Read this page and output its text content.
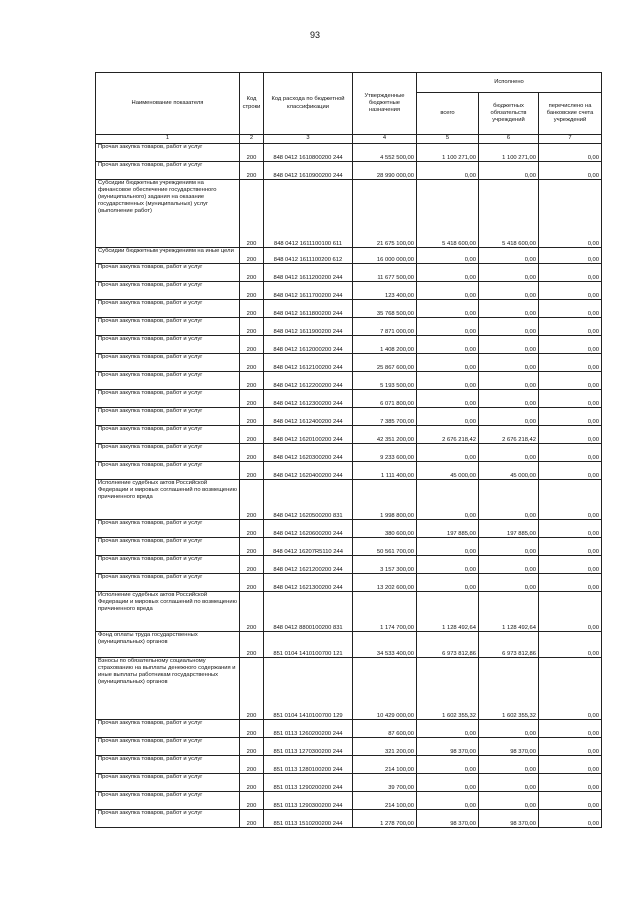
93
Наименование показателя	Код строки	Код расхода по бюджетной классификации	Утвержденные бюджетные назначения	Исполнено		
				всего	бюджетных обязательств учреждений	перечислено на банковские счета учреждений
1	2	3	4	5	6	7

Прочая закупка товаров, работ и услуг	200	848 0412 1610800200 244	4 552 500,00	1 100 271,00	1 100 271,00	0,00

Прочая закупка товаров, работ и услуг	200	848 0412 1610900200 244	28 990 000,00	0,00	0,00	0,00

Субсидии бюджетным учреждениям на финансовое обеспечение государственного (муниципального) задания на оказание государственных (муниципальных) услуг (выполнение работ)	200	848 0412 1611100100 611	21 675 100,00	5 418 600,00	5 418 600,00	0,00

Субсидии бюджетным учреждениям на иные цели	200	848 0412 1611100200 612	16 000 000,00	0,00	0,00	0,00

Прочая закупка товаров, работ и услуг	200	848 0412 1611200200 244	11 677 500,00	0,00	0,00	0,00

Прочая закупка товаров, работ и услуг	200	848 0412 1611700200 244	123 400,00	0,00	0,00	0,00

Прочая закупка товаров, работ и услуг	200	848 0412 1611800200 244	35 768 500,00	0,00	0,00	0,00

Прочая закупка товаров, работ и услуг	200	848 0412 1611900200 244	7 871 000,00	0,00	0,00	0,00

Прочая закупка товаров, работ и услуг	200	848 0412 1612000200 244	1 408 200,00	0,00	0,00	0,00

Прочая закупка товаров, работ и услуг	200	848 0412 1612100200 244	25 867 600,00	0,00	0,00	0,00

Прочая закупка товаров, работ и услуг	200	848 0412 1612200200 244	5 193 500,00	0,00	0,00	0,00

Прочая закупка товаров, работ и услуг	200	848 0412 1612300200 244	6 071 800,00	0,00	0,00	0,00

Прочая закупка товаров, работ и услуг	200	848 0412 1612400200 244	7 385 700,00	0,00	0,00	0,00

Прочая закупка товаров, работ и услуг	200	848 0412 1620100200 244	42 351 200,00	2 676 218,42	2 676 218,42	0,00

Прочая закупка товаров, работ и услуг	200	848 0412 1620300200 244	9 233 600,00	0,00	0,00	0,00

Прочая закупка товаров, работ и услуг	200	848 0412 1620400200 244	1 111 400,00	45 000,00	45 000,00	0,00

Исполнение судебных актов Российской Федерации и мировых соглашений по возмещению причиненного вреда	200	848 0412 1620500200 831	1 998 800,00	0,00	0,00	0,00

Прочая закупка товаров, работ и услуг	200	848 0412 1620600200 244	380 600,00	197 885,00	197 885,00	0,00

Прочая закупка товаров, работ и услуг	200	848 0412 16207R5110 244	50 561 700,00	0,00	0,00	0,00

Прочая закупка товаров, работ и услуг	200	848 0412 1621200200 244	3 157 300,00	0,00	0,00	0,00

Прочая закупка товаров, работ и услуг	200	848 0412 1621300200 244	13 202 600,00	0,00	0,00	0,00

Исполнение судебных актов Российской Федерации и мировых соглашений по возмещению причиненного вреда	200	848 0412 8800100200 831	1 174 700,00	1 128 492,64	1 128 492,64	0,00

Фонд оплаты труда государственных (муниципальных) органов	200	851 0104 1410100700 121	34 533 400,00	6 973 812,86	6 973 812,86	0,00

Взносы по обязательному социальному страхованию на выплаты денежного содержания и иные выплаты работникам государственных (муниципальных) органов	200	851 0104 1410100700 129	10 429 000,00	1 602 355,32	1 602 355,32	0,00

Прочая закупка товаров, работ и услуг	200	851 0113 1260200200 244	87 600,00	0,00	0,00	0,00

Прочая закупка товаров, работ и услуг	200	851 0113 1270300200 244	321 200,00	98 370,00	98 370,00	0,00

Прочая закупка товаров, работ и услуг	200	851 0113 1280100200 244	214 100,00	0,00	0,00	0,00

Прочая закупка товаров, работ и услуг	200	851 0113 1290200200 244	39 700,00	0,00	0,00	0,00

Прочая закупка товаров, работ и услуг	200	851 0113 1290300200 244	214 100,00	0,00	0,00	0,00

Прочая закупка товаров, работ и услуг	200	851 0113 1510200200 244	1 278 700,00	98 370,00	98 370,00	0,00
